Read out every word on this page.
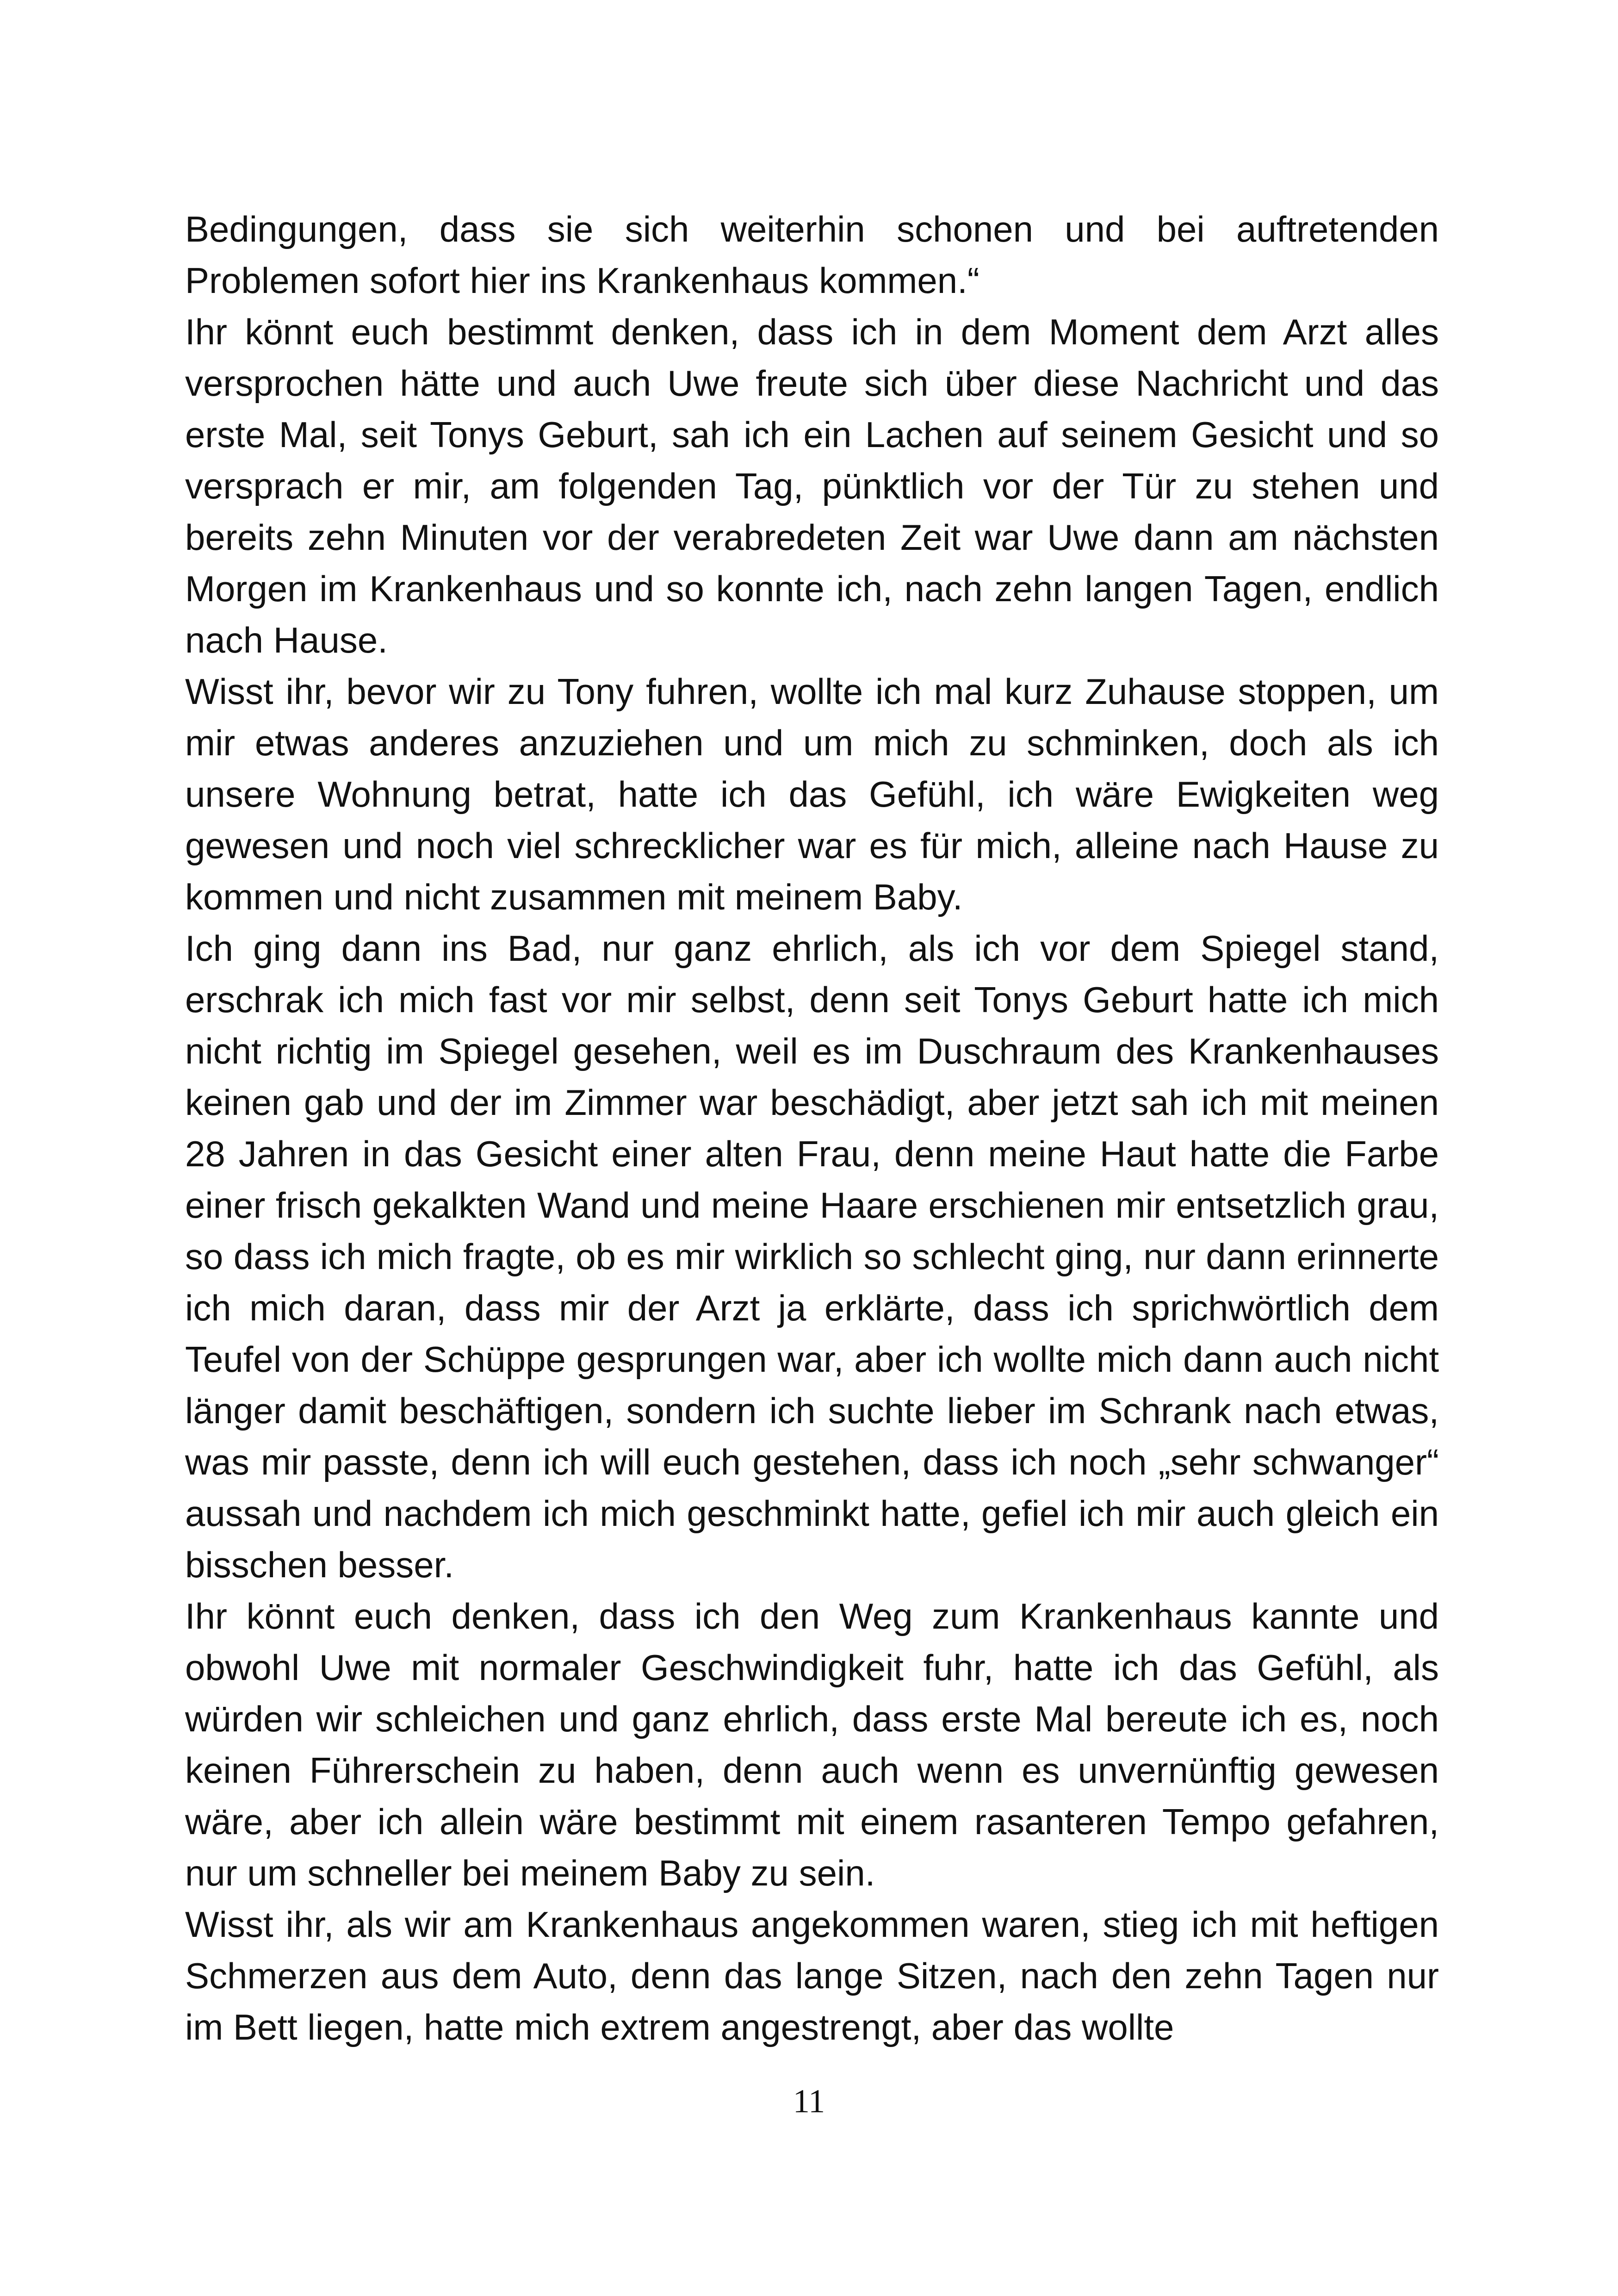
Bedingungen, dass sie sich weiterhin schonen und bei auftretenden Problemen sofort hier ins Krankenhaus kommen.“

Ihr könnt euch bestimmt denken, dass ich in dem Moment dem Arzt alles versprochen hätte und auch Uwe freute sich über diese Nachricht und das erste Mal, seit Tonys Geburt, sah ich ein Lachen auf seinem Gesicht und so versprach er mir, am folgenden Tag, pünktlich vor der Tür zu stehen und bereits zehn Minuten vor der verabredeten Zeit war Uwe dann am nächsten Morgen im Krankenhaus und so konnte ich, nach zehn langen Tagen, endlich nach Hause.

Wisst ihr, bevor wir zu Tony fuhren, wollte ich mal kurz Zuhause stoppen, um mir etwas anderes anzuziehen und um mich zu schminken, doch als ich unsere Wohnung betrat, hatte ich das Gefühl, ich wäre Ewigkeiten weg gewesen und noch viel schrecklicher war es für mich, alleine nach Hause zu kommen und nicht zusammen mit meinem Baby.

Ich ging dann ins Bad, nur ganz ehrlich, als ich vor dem Spiegel stand, erschrak ich mich fast vor mir selbst, denn seit Tonys Geburt hatte ich mich nicht richtig im Spiegel gesehen, weil es im Duschraum des Krankenhauses keinen gab und der im Zimmer war beschädigt, aber jetzt sah ich mit meinen 28 Jahren in das Gesicht einer alten Frau, denn meine Haut hatte die Farbe einer frisch gekalkten Wand und meine Haare erschienen mir entsetzlich grau, so dass ich mich fragte, ob es mir wirklich so schlecht ging, nur dann erinnerte ich mich daran, dass mir der Arzt ja erklärte, dass ich sprichwörtlich dem Teufel von der Schüppe gesprungen war, aber ich wollte mich dann auch nicht länger damit beschäftigen, sondern ich suchte lieber im Schrank nach etwas, was mir passte, denn ich will euch gestehen, dass ich noch „sehr schwanger“ aussah und nachdem ich mich geschminkt hatte, gefiel ich mir auch gleich ein bisschen besser.

Ihr könnt euch denken, dass ich den Weg zum Krankenhaus kannte und obwohl Uwe mit normaler Geschwindigkeit fuhr, hatte ich das Gefühl, als würden wir schleichen und ganz ehrlich, dass erste Mal bereute ich es, noch keinen Führerschein zu haben, denn auch wenn es unvernünftig gewesen wäre, aber ich allein wäre bestimmt mit einem rasanteren Tempo gefahren, nur um schneller bei meinem Baby zu sein.

Wisst ihr, als wir am Krankenhaus angekommen waren, stieg ich mit heftigen Schmerzen aus dem Auto, denn das lange Sitzen, nach den zehn Tagen nur im Bett liegen, hatte mich extrem angestrengt, aber das wollte

11
